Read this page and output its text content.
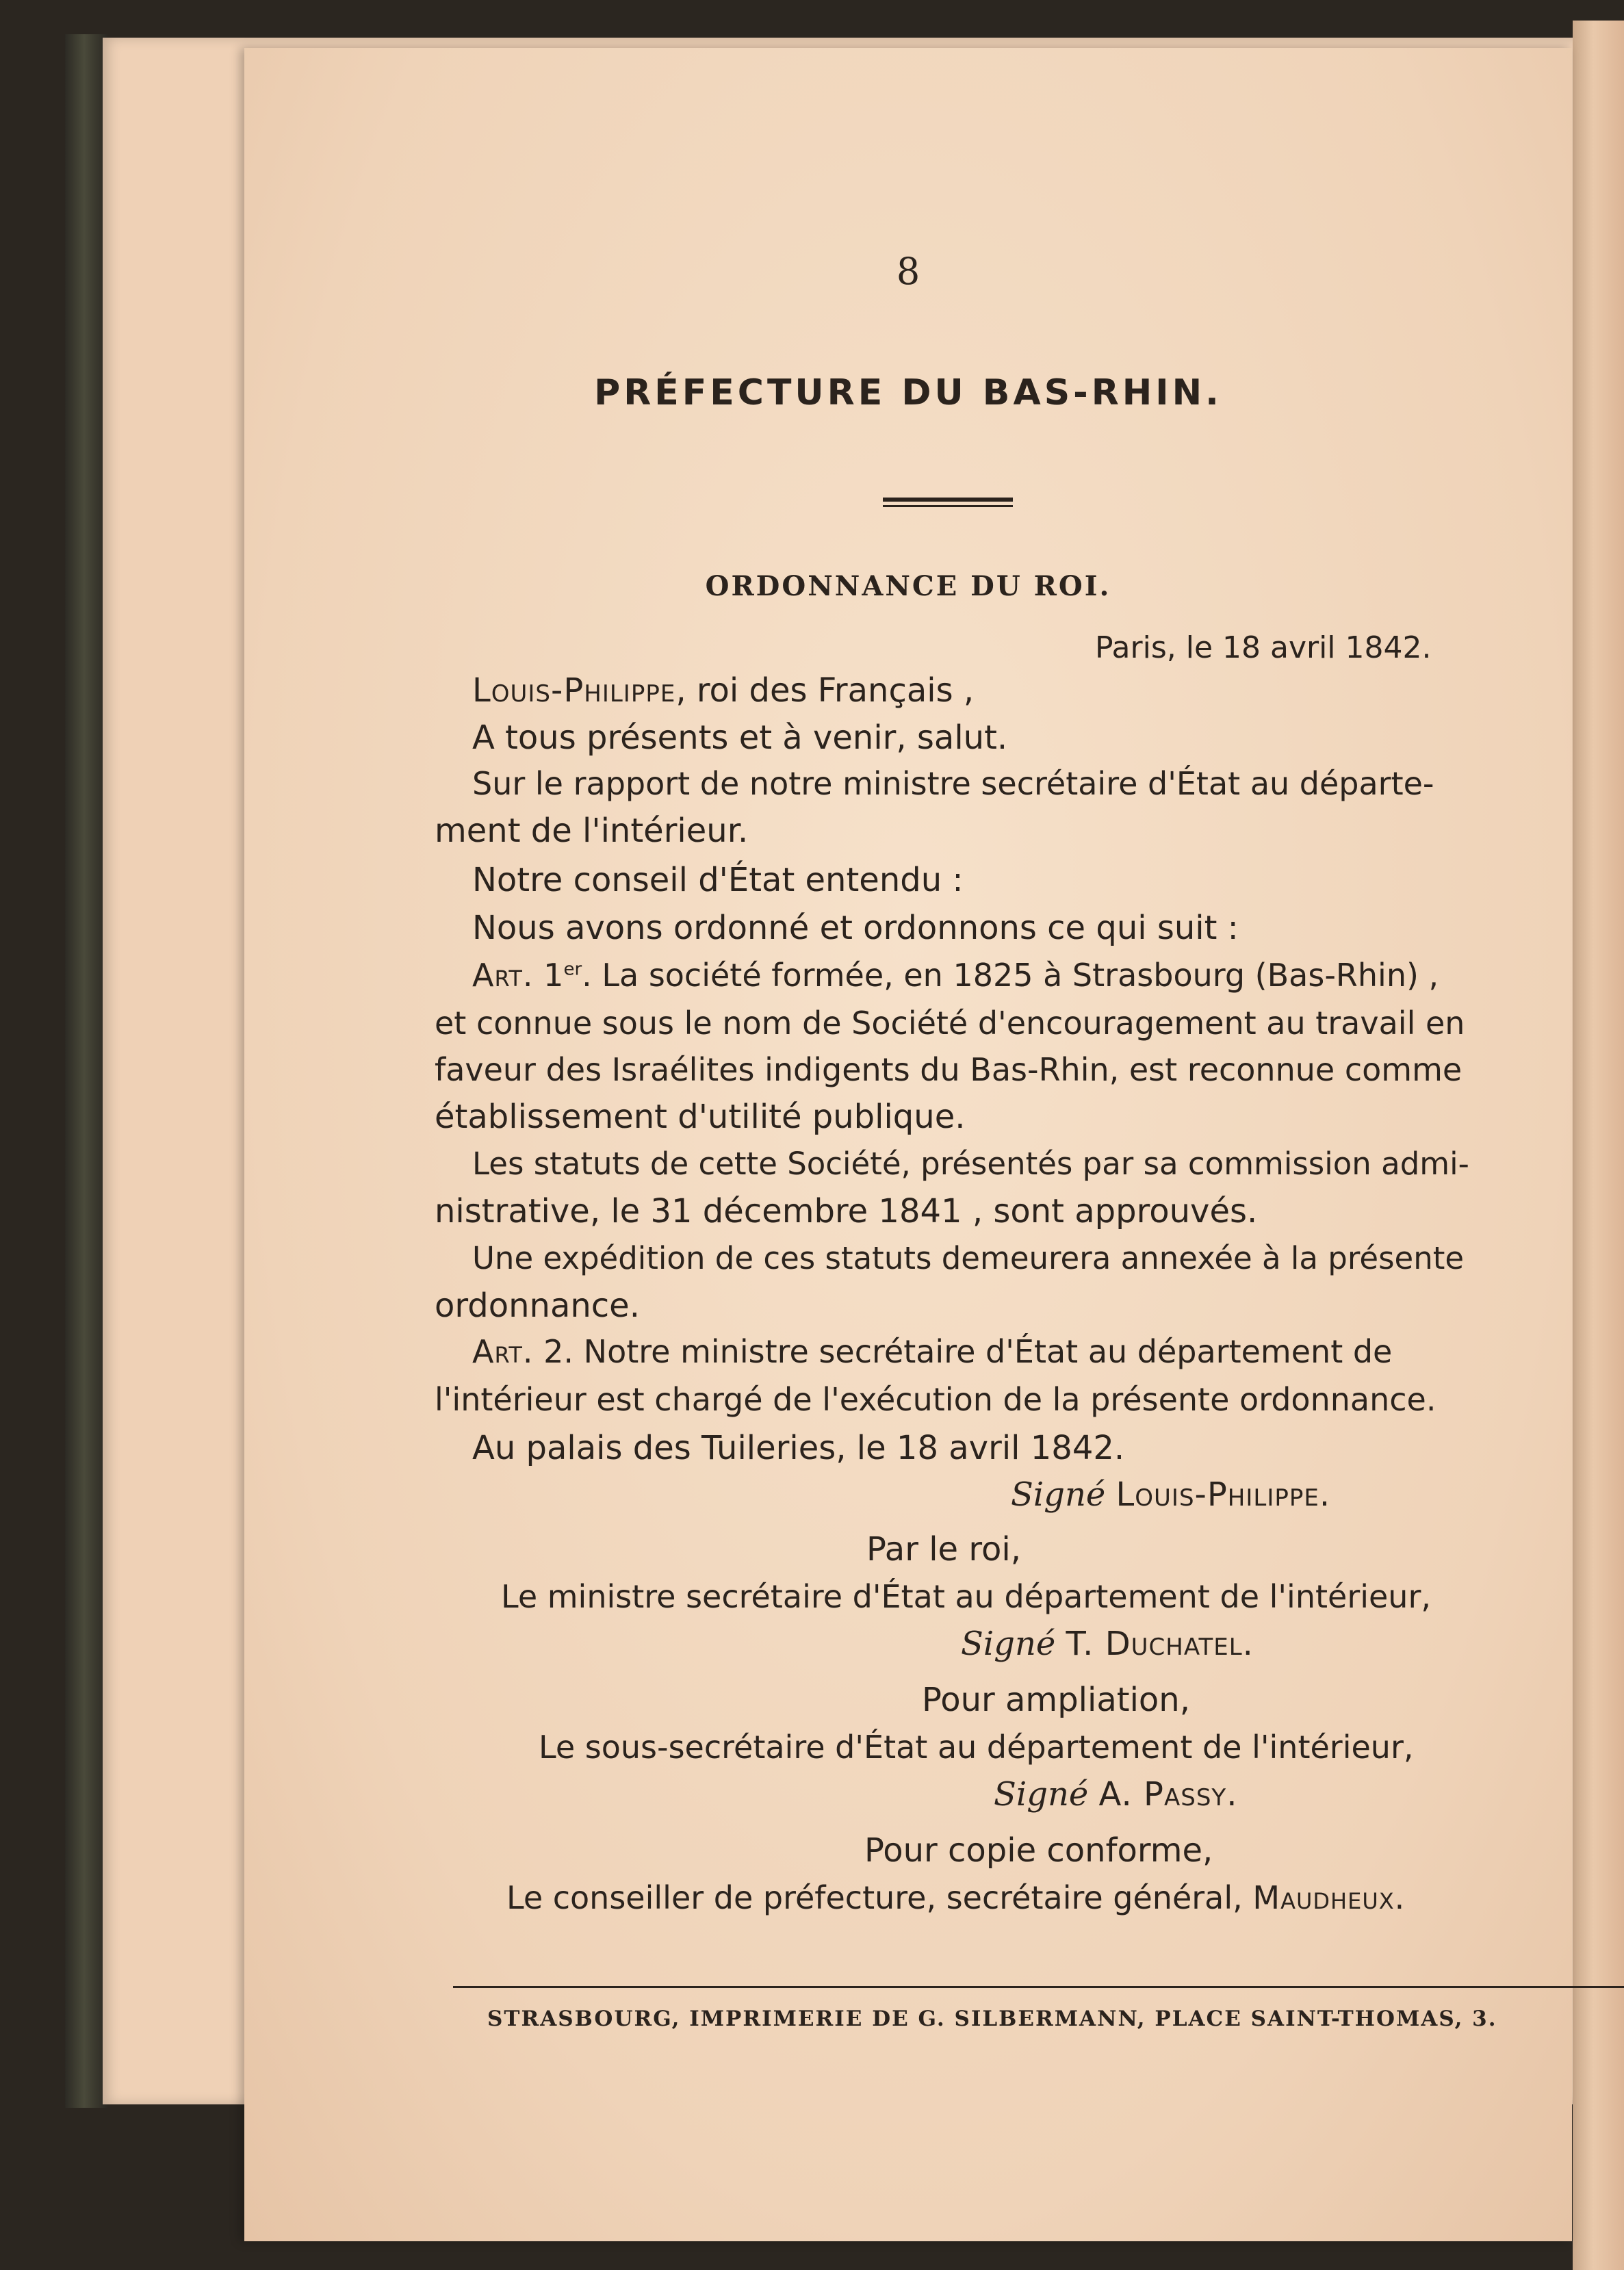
8
PRÉFECTURE DU BAS-RHIN.
ORDONNANCE DU ROI.
Paris, le 18 avril 1842.
Louis-Philippe, roi des Français ,
A tous présents et à venir, salut.
Sur le rapport de notre ministre secrétaire d'État au départe-
ment de l'intérieur.
Notre conseil d'État entendu :
Nous avons ordonné et ordonnons ce qui suit :
Art. 1er. La société formée, en 1825 à Strasbourg (Bas-Rhin) ,
et connue sous le nom de Société d'encouragement au travail en
faveur des Israélites indigents du Bas-Rhin, est reconnue comme
établissement d'utilité publique.
Les statuts de cette Société, présentés par sa commission admi-
nistrative, le 31 décembre 1841 , sont approuvés.
Une expédition de ces statuts demeurera annexée à la présente
ordonnance.
Art. 2. Notre ministre secrétaire d'État au département de
l'intérieur est chargé de l'exécution de la présente ordonnance.
Au palais des Tuileries, le 18 avril 1842.
Signé Louis-Philippe.
Par le roi,
Le ministre secrétaire d'État au département de l'intérieur,
Signé T. Duchatel.
Pour ampliation,
Le sous-secrétaire d'État au département de l'intérieur,
Signé A. Passy.
Pour copie conforme,
Le conseiller de préfecture, secrétaire général, Maudheux.
STRASBOURG, IMPRIMERIE DE G. SILBERMANN, PLACE SAINT-THOMAS, 3.
